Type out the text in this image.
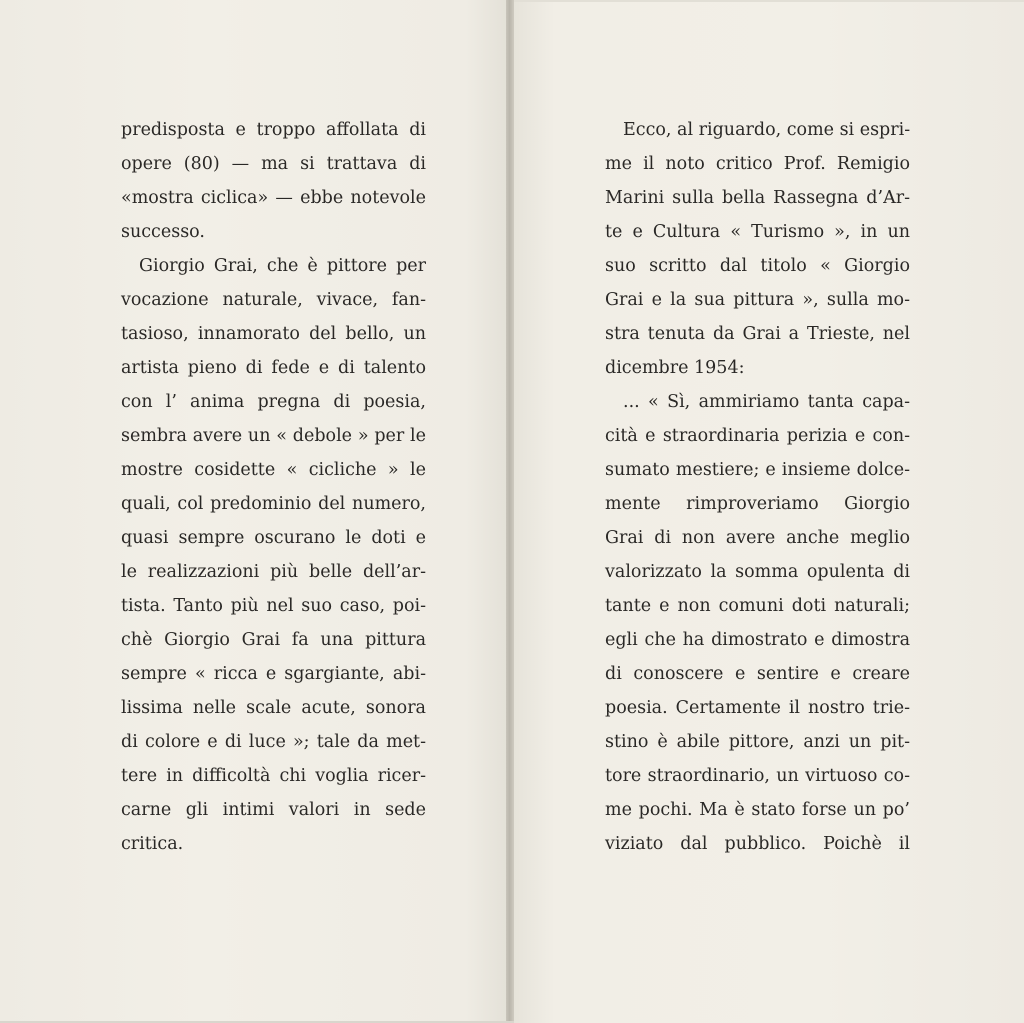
predisposta e troppo affollata di
opere (80) — ma si trattava di
«mostra ciclica» — ebbe notevole
successo.
Giorgio Grai, che è pittore per
vocazione naturale, vivace, fan-
tasioso, innamorato del bello, un
artista pieno di fede e di talento
con l’ anima pregna di poesia,
sembra avere un « debole » per le
mostre cosidette « cicliche » le
quali, col predominio del numero,
quasi sempre oscurano le doti e
le realizzazioni più belle dell’ar-
tista. Tanto più nel suo caso, poi-
chè Giorgio Grai fa una pittura
sempre « ricca e sgargiante, abi-
lissima nelle scale acute, sonora
di colore e di luce »; tale da met-
tere in difficoltà chi voglia ricer-
carne gli intimi valori in sede
critica.
Ecco, al riguardo, come si espri-
me il noto critico Prof. Remigio
Marini sulla bella Rassegna d’Ar-
te e Cultura « Turismo », in un
suo scritto dal titolo « Giorgio
Grai e la sua pittura », sulla mo-
stra tenuta da Grai a Trieste, nel
dicembre 1954:
... « Sì, ammiriamo tanta capa-
cità e straordinaria perizia e con-
sumato mestiere; e insieme dolce-
mente rimproveriamo Giorgio
Grai di non avere anche meglio
valorizzato la somma opulenta di
tante e non comuni doti naturali;
egli che ha dimostrato e dimostra
di conoscere e sentire e creare
poesia. Certamente il nostro trie-
stino è abile pittore, anzi un pit-
tore straordinario, un virtuoso co-
me pochi. Ma è stato forse un po’
viziato dal pubblico. Poichè il
